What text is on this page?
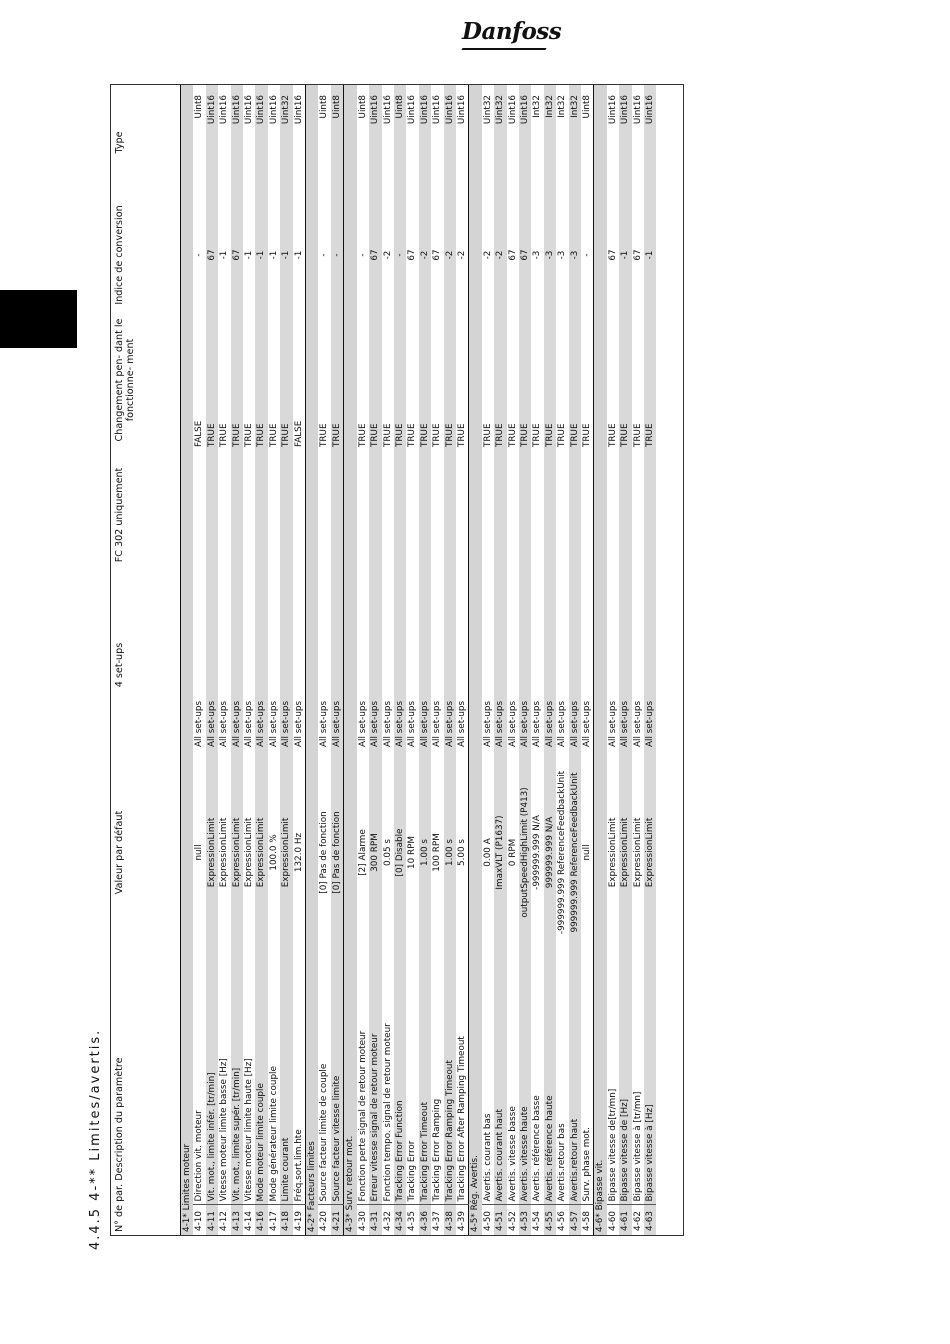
Danfoss
4.4.5 4-** Limites/avertis. N° de par. Description du paramètre		Valeur par défaut	4 set-ups	FC 302 uniquement	Changement pen- dant le fonctionne- ment	Indice de conversion	Type
4-1* Limites moteur							
4-10	Direction vit. moteur	null	All set-ups		FALSE	-	Uint8
4-11	Vit. mot., limite infér. [tr/min]	ExpressionLimit	All set-ups		TRUE	67	Uint16
4-12	Vitesse moteur limite basse [Hz]	ExpressionLimit	All set-ups		TRUE	-1	Uint16
4-13	Vit. mot., limite supér. [tr/min]	ExpressionLimit	All set-ups		TRUE	67	Uint16
4-14	Vitesse moteur limite haute [Hz]	ExpressionLimit	All set-ups		TRUE	-1	Uint16
4-16	Mode moteur limite couple	ExpressionLimit	All set-ups		TRUE	-1	Uint16
4-17	Mode générateur limite couple	100.0 %	All set-ups		TRUE	-1	Uint16
4-18	Limite courant	ExpressionLimit	All set-ups		TRUE	-1	Uint32
4-19	Fréq.sort.lim.hte	132.0 Hz	All set-ups		FALSE	-1	Uint16
4-2* Facteurs limites							
4-20	Source facteur limite de couple	[0] Pas de fonction	All set-ups		TRUE	-	Uint8
4-21	Source facteur vitesse limite	[0] Pas de fonction	All set-ups		TRUE	-	Uint8
4-3* Surv. retour mot.							
4-30	Fonction perte signal de retour moteur	[2] Alarme	All set-ups		TRUE	-	Uint8
4-31	Erreur vitesse signal de retour moteur	300 RPM	All set-ups		TRUE	67	Uint16
4-32	Fonction tempo. signal de retour moteur	0.05 s	All set-ups		TRUE	-2	Uint16
4-34	Tracking Error Function	[0] Disable	All set-ups		TRUE	-	Uint8
4-35	Tracking Error	10 RPM	All set-ups		TRUE	67	Uint16
4-36	Tracking Error Timeout	1.00 s	All set-ups		TRUE	-2	Uint16
4-37	Tracking Error Ramping	100 RPM	All set-ups		TRUE	67	Uint16
4-38	Tracking Error Ramping Timeout	1.00 s	All set-ups		TRUE	-2	Uint16
4-39	Tracking Error After Ramping Timeout	5.00 s	All set-ups		TRUE	-2	Uint16
4-5* Rég. Avertis.							
4-50	Avertis. courant bas	0.00 A	All set-ups		TRUE	-2	Uint32
4-51	Avertis. courant haut	ImaxVLT (P1637)	All set-ups		TRUE	-2	Uint32
4-52	Avertis. vitesse basse	0 RPM	All set-ups		TRUE	67	Uint16
4-53	Avertis. vitesse haute	outputSpeedHighLimit (P413)	All set-ups		TRUE	67	Uint16
4-54	Avertis. référence basse	-999999.999 N/A	All set-ups		TRUE	-3	Int32
4-55	Avertis. référence haute	999999.999 N/A	All set-ups		TRUE	-3	Int32
4-56	Avertis.retour bas	-999999.999 ReferenceFeedbackUnit	All set-ups		TRUE	-3	Int32
4-57	Avertis.retour haut	999999.999 ReferenceFeedbackUnit	All set-ups		TRUE	-3	Int32
4-58	Surv. phase mot.	null	All set-ups		TRUE	-	Uint8
4-6* Bipasse vit.							
4-60	Bipasse vitesse de[tr/mn]	ExpressionLimit	All set-ups		TRUE	67	Uint16
4-61	Bipasse vitesse de [Hz]	ExpressionLimit	All set-ups		TRUE	-1	Uint16
4-62	Bipasse vitesse à [tr/mn]	ExpressionLimit	All set-ups		TRUE	67	Uint16
4-63	Bipasse vitesse à [Hz]	ExpressionLimit	All set-ups		TRUE	-1	Uint16
